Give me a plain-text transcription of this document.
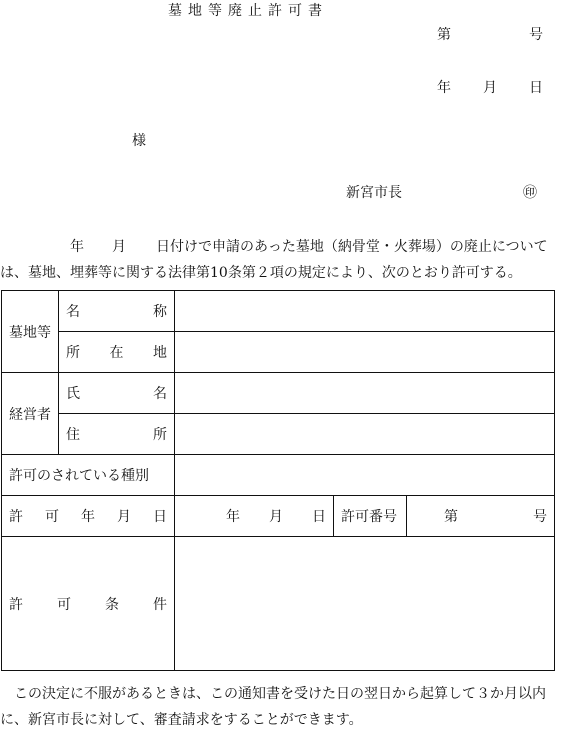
墓地等廃止許可書
第	号
年 月 日
様
新宮市長	㊞
年 月 日付けで申請のあった墓地（納骨堂・火葬場）の廃止については、墓地、埋葬等に関する法律第10条第２項の規定により、次のとおり許可する。
墓地等	名 称			

	所 在 地			

経営者	氏 名			

	住 所			

許可のされている種別				

許 可 年 月 日		年 月 日	許可番号	第 号

許 可 条 件				

この決定に不服があるときは、この通知書を受けた日の翌日から起算して３か月以内に、新宮市長に対して、審査請求をすることができます。
